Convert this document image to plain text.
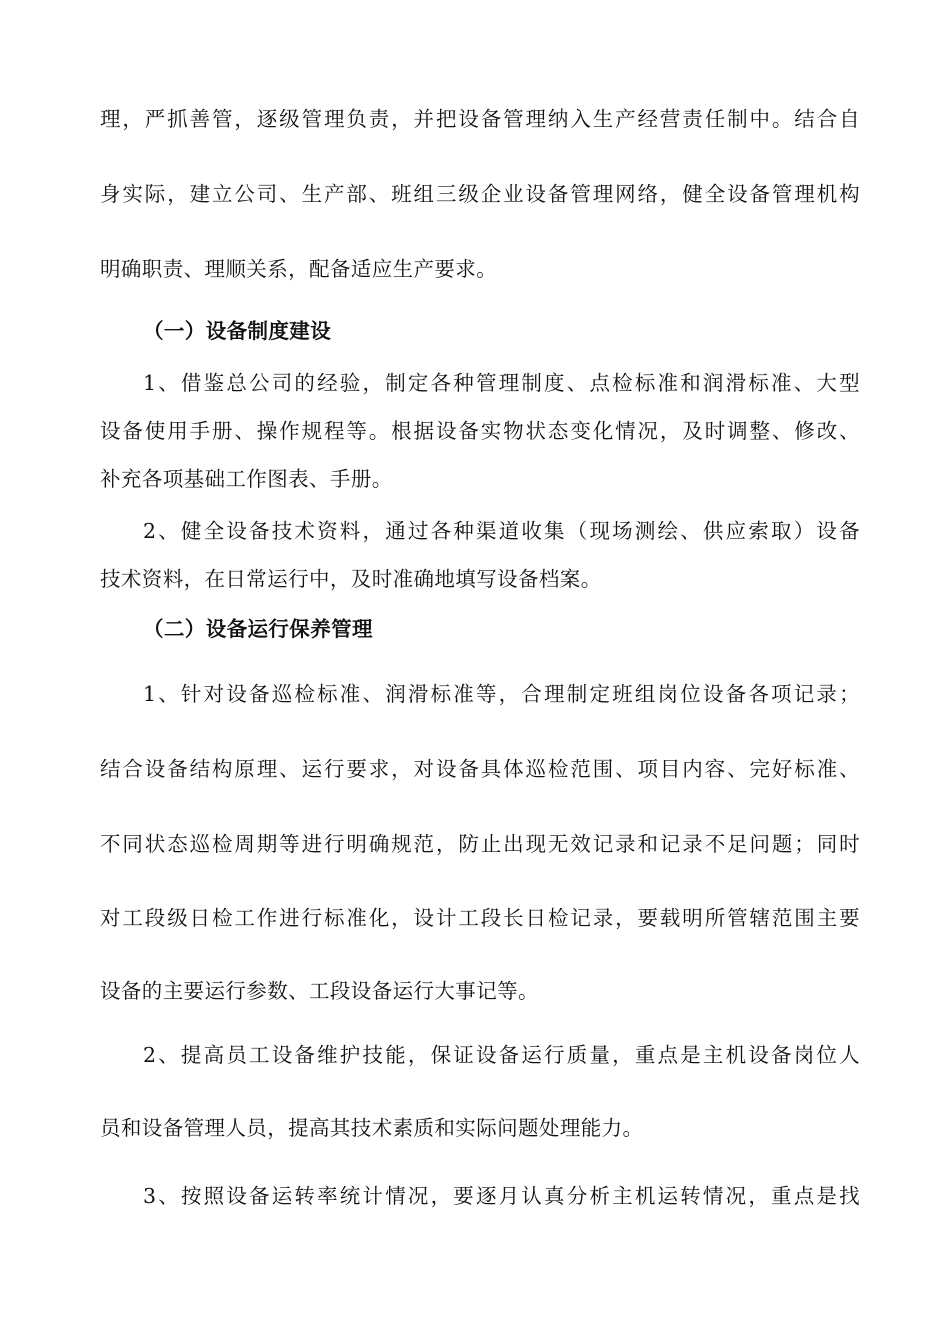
理，严抓善管，逐级管理负责，并把设备管理纳入生产经营责任制中。结合自
身实际，建立公司、生产部、班组三级企业设备管理网络，健全设备管理机构
明确职责、理顺关系，配备适应生产要求。
（一）设备制度建设
1、借鉴总公司的经验，制定各种管理制度、点检标准和润滑标准、大型
设备使用手册、操作规程等。根据设备实物状态变化情况，及时调整、修改、
补充各项基础工作图表、手册。
2、健全设备技术资料，通过各种渠道收集（现场测绘、供应索取）设备
技术资料，在日常运行中，及时准确地填写设备档案。
（二）设备运行保养管理
1、针对设备巡检标准、润滑标准等，合理制定班组岗位设备各项记录；
结合设备结构原理、运行要求，对设备具体巡检范围、项目内容、完好标准、
不同状态巡检周期等进行明确规范，防止出现无效记录和记录不足问题；同时
对工段级日检工作进行标准化，设计工段长日检记录，要载明所管辖范围主要
设备的主要运行参数、工段设备运行大事记等。
2、提高员工设备维护技能，保证设备运行质量，重点是主机设备岗位人
员和设备管理人员，提高其技术素质和实际问题处理能力。
3、按照设备运转率统计情况，要逐月认真分析主机运转情况，重点是找
